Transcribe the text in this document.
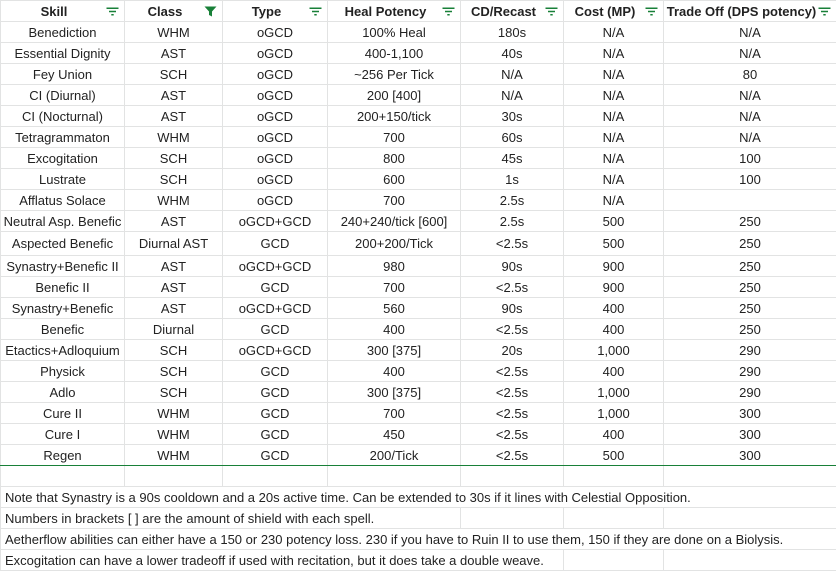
Skill	Class	Type	Heal Potency	CD/Recast	Cost (MP)	Trade Off (DPS potency)

Benediction	WHM	oGCD	100% Heal	180s	N/A	N/A
Essential Dignity	AST	oGCD	400-1,100	40s	N/A	N/A
Fey Union	SCH	oGCD	~256 Per Tick	N/A	N/A	80
CI (Diurnal)	AST	oGCD	200 [400]	N/A	N/A	N/A
CI (Nocturnal)	AST	oGCD	200+150/tick	30s	N/A	N/A
Tetragrammaton	WHM	oGCD	700	60s	N/A	N/A
Excogitation	SCH	oGCD	800	45s	N/A	100
Lustrate	SCH	oGCD	600	1s	N/A	100
Afflatus Solace	WHM	oGCD	700	2.5s	N/A	
Neutral Asp. Benefic	AST	oGCD+GCD	240+240/tick [600]	2.5s	500	250
Aspected Benefic	Diurnal AST	GCD	200+200/Tick	<2.5s	500	250
Synastry+Benefic II	AST	oGCD+GCD	980	90s	900	250
Benefic II	AST	GCD	700	<2.5s	900	250
Synastry+Benefic	AST	oGCD+GCD	560	90s	400	250
Benefic	Diurnal	GCD	400	<2.5s	400	250
Etactics+Adloquium	SCH	oGCD+GCD	300 [375]	20s	1,000	290
Physick	SCH	GCD	400	<2.5s	400	290
Adlo	SCH	GCD	300 [375]	<2.5s	1,000	290
Cure II	WHM	GCD	700	<2.5s	1,000	300
Cure I	WHM	GCD	450	<2.5s	400	300
Regen	WHM	GCD	200/Tick	<2.5s	500	300

Note that Synastry is a 90s cooldown and a 20s active time. Can be extended to 30s if it lines with Celestial Opposition.						
Numbers in brackets [ ] are the amount of shield with each spell.						
Aetherflow abilities can either have a 150 or 230 potency loss. 230 if you have to Ruin II to use them, 150 if they are done on a Biolysis.						
Excogitation can have a lower tradeoff if used with recitation, but it does take a double weave.						
